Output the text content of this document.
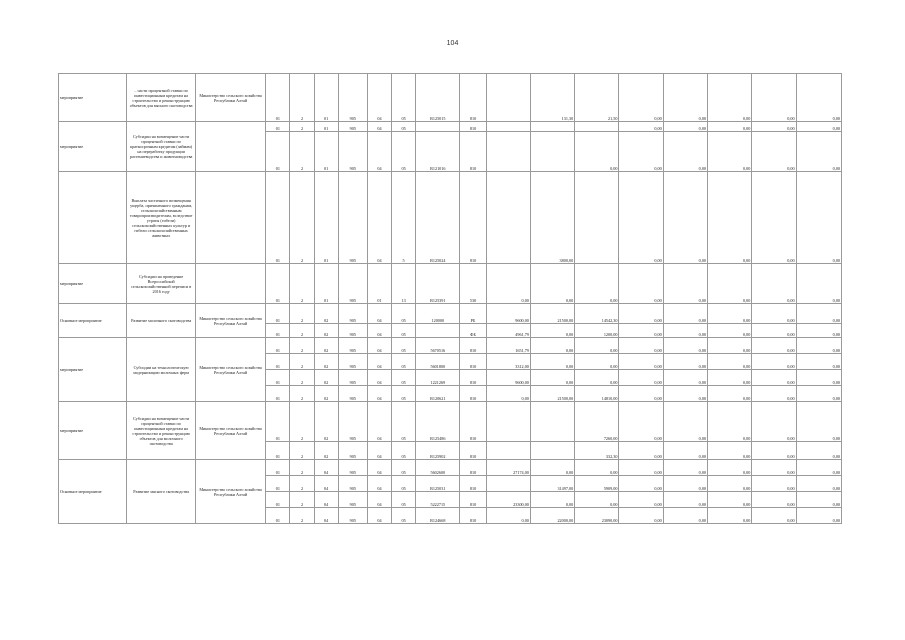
104
мероприятие	...части процентной ставки по инвестиционным кредитам на строительство и реконструкцию объектов для мясного скотоводства	Министерство сельского хозяйства Республики Алтай	01	2	01	905	04	05	R125015	810		131,30	21,50	0,00	0,00	0,00	0,00	0,00
мероприятие	Субсидии на возмещение части процентной ставки по краткосрочным кредитам (займам) на переработку продукции растениеводства и животноводства		01	2	01	905	04	05		810				0,00	0,00	0,00	0,00	0,00
			01	2	01	905	04	05	R121016	810			0,00	0,00	0,00	0,00	0,00	0,00
	Выплата частичного возмещения ущерба, причиненного гражданам, сельскохозяйственным товаропроизводителям, вследствие утраты (гибели) сельскохозяйственных культур и гибели сельскохозяйственных животных		01	2	01	905	04	5	R125024	810		3800,00		0,00	0,00	0,00	0,00	0,00
мероприятие	Субсидии на проведение Всероссийской сельскохозяйственной переписи в 2016 году		01	2	01	905	01	13	R125391	530	0,00	0,00	0,00	0,00	0,00	0,00	0,00	0,00
Основное мероприятие	Развитие молочного скотоводства	Министерство сельского хозяйства Республики Алтай	01	2	02	905	04	05	120000	РБ	9600,00	21500,00	14542,30	0,00	0,00	0,00	0,00	0,00
			01	2	02	905	04	05		ФБ	4961,79	0,00	1200,00	0,00	0,00	0,00	0,00	0,00
мероприятие	Субсидии на технологическую модернизацию молочных ферм	Министерство сельского хозяйства Республики Алтай	01	2	02	905	04	05	5670516	810	1651,79	0,00	0,00	0,00	0,00	0,00	0,00	0,00
			01	2	02	905	04	05	5601800	810	3312,00	0,00	0,00	0,00	0,00	0,00	0,00	0,00
			01	2	02	905	04	05	1221269	810	9600,00	0,00	0,00	0,00	0,00	0,00	0,00	0,00
			01	2	02	905	04	05	R120621	810	0,00	21500,00	14810,00	0,00	0,00	0,00	0,00	0,00
мероприятие	Субсидии на возмещение части процентной ставки по инвестиционным кредитам на строительство и реконструкцию объектов для молочного скотоводства	Министерство сельского хозяйства Республики Алтай	01	2	02	905	04	05	R125486	810			7260,00	0,00	0,00	0,00	0,00	0,00
			01	2	02	905	04	05	R125902	810			332,30	0,00	0,00	0,00	0,00	0,00
Основное мероприятие	Развитие мясного скотоводства	Министерство сельского хозяйства Республики Алтай	01	2	04	905	04	05	5602600	810	27174,00	0,00	0,00	0,00	0,00	0,00	0,00	0,00
			01	2	04	905	04	05	R125031	810		31497,00	5909,00	0,00	0,00	0,00	0,00	0,00
			01	2	04	905	04	05	5222715	810	23300,00	0,00	0,00	0,00	0,00	0,00	0,00	0,00
			01	2	04	905	04	05	R124668	810	0,00	22000,00	23090,00	0,00	0,00	0,00	0,00	0,00
